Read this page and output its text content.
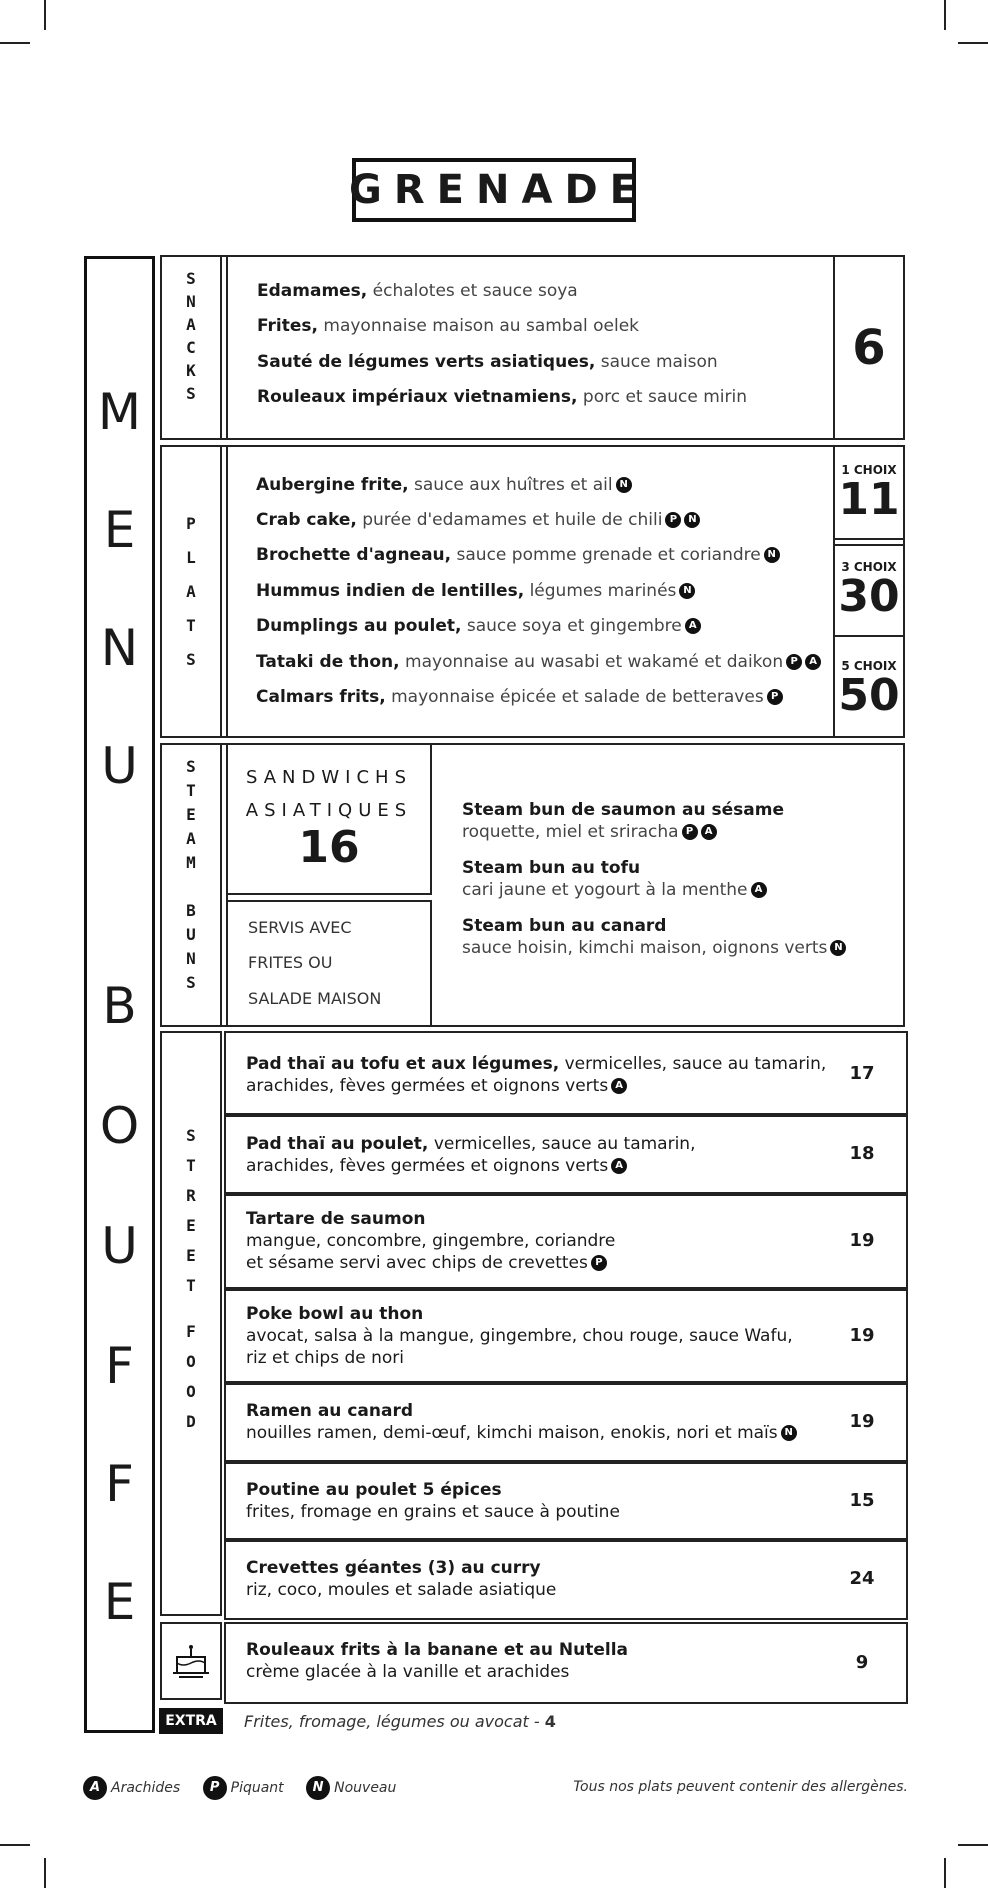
GRENADE
M
E
N
U
B
O
U
F
F
E
SNACKS
Edamames, échalotes et sauce soya
Frites, mayonnaise maison au sambal oelek
Sauté de légumes verts asiatiques, sauce maison
Rouleaux impériaux vietnamiens, porc et sauce mirin
6
PLATS
Aubergine frite, sauce aux huîtres et ail N
Crab cake, purée d'edamames et huile de chili P N
Brochette d'agneau, sauce pomme grenade et coriandre N
Hummus indien de lentilles, légumes marinés N
Dumplings au poulet, sauce soya et gingembre A
Tataki de thon, mayonnaise au wasabi et wakamé et daikon P A
Calmars frits, mayonnaise épicée et salade de betteraves P
1 CHOIX
11
3 CHOIX
30
5 CHOIX
50
STEAM
BUNS
SANDWICHS
ASIATIQUES
16
SERVIS AVEC
FRITES OU
SALADE MAISON
Steam bun de saumon au sésame
roquette, miel et sriracha P A
Steam bun au tofu
cari jaune et yogourt à la menthe A
Steam bun au canard
sauce hoisin, kimchi maison, oignons verts N
STREET
FOOD
Pad thaï au tofu et aux légumes, vermicelles, sauce au tamarin,
arachides, fèves germées et oignons verts A
17
Pad thaï au poulet, vermicelles, sauce au tamarin,
arachides, fèves germées et oignons verts A
18
Tartare de saumon
mangue, concombre, gingembre, coriandre
et sésame servi avec chips de crevettes P
19
Poke bowl au thon
avocat, salsa à la mangue, gingembre, chou rouge, sauce Wafu,
riz et chips de nori
19
Ramen au canard
nouilles ramen, demi-œuf, kimchi maison, enokis, nori et maïs N
19
Poutine au poulet 5 épices
frites, fromage en grains et sauce à poutine
15
Crevettes géantes (3) au curry
riz, coco, moules et salade asiatique
24
Rouleaux frits à la banane et au Nutella
crème glacée à la vanille et arachides	9
EXTRA	Frites, fromage, légumes ou avocat - 4
A Arachides P Piquant N Nouveau	Tous nos plats peuvent contenir des allergènes.
